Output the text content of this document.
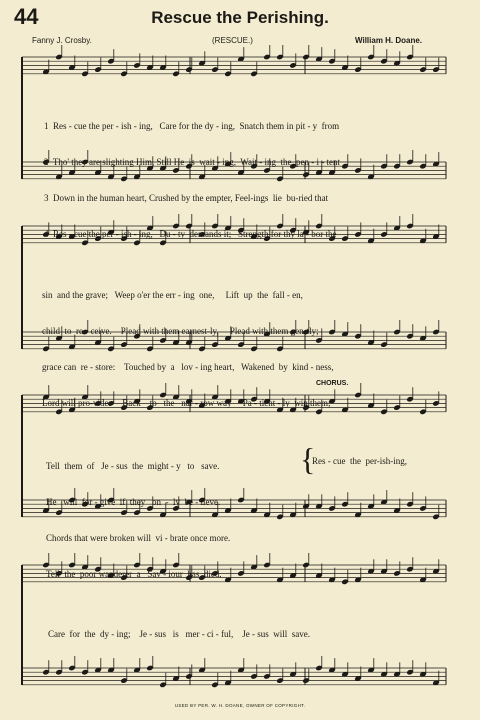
44	Rescue the Perishing.
Fanny J. Crosby.	(RESCUE.)	William H. Doane.

1  Res - cue the per - ish - ing,   Care for the dy - ing,  Snatch them in pit - y  from

2  Tho' they are slighting Him, Still He  is  wait - ing,  Wait - ing  the  pen - i - tent

3  Down in the human heart, Crushed by the empter, Feel-ings  lie  bu-ried that

4  Res - cue the per - ish - ing,   Du - ty  demands it;   Strength for thy la - bor the

sin  and the grave;   Weep o'er the err - ing  one,     Lift  up  the  fall - en,

child  to  re - ceive.    Plead with them earnest-ly,     Plead with them gen-tly;

grace can  re - store:    Touched by  a   lov - ing heart,   Wakened  by  kind - ness,

Lord will pro-vide:     Back    to   the   nar - row way     Pa - tient - ly  win them;

CHORUS.

Tell  them  of   Je - sus  the  might - y   to   save.

He   will  for - give  if  they   on  -  ly  be - lieve.

Chords that were broken will  vi - brate once more.

Tell  the  poor wanderer  a   Sav - iour  has  died.

{
Res - cue  the  per-ish-ing,

Care  for  the  dy - ing;    Je - sus   is   mer - ci - ful,    Je - sus  will  save.

USED BY PER. W. H. DOANE, OWNER OF COPYRIGHT.
